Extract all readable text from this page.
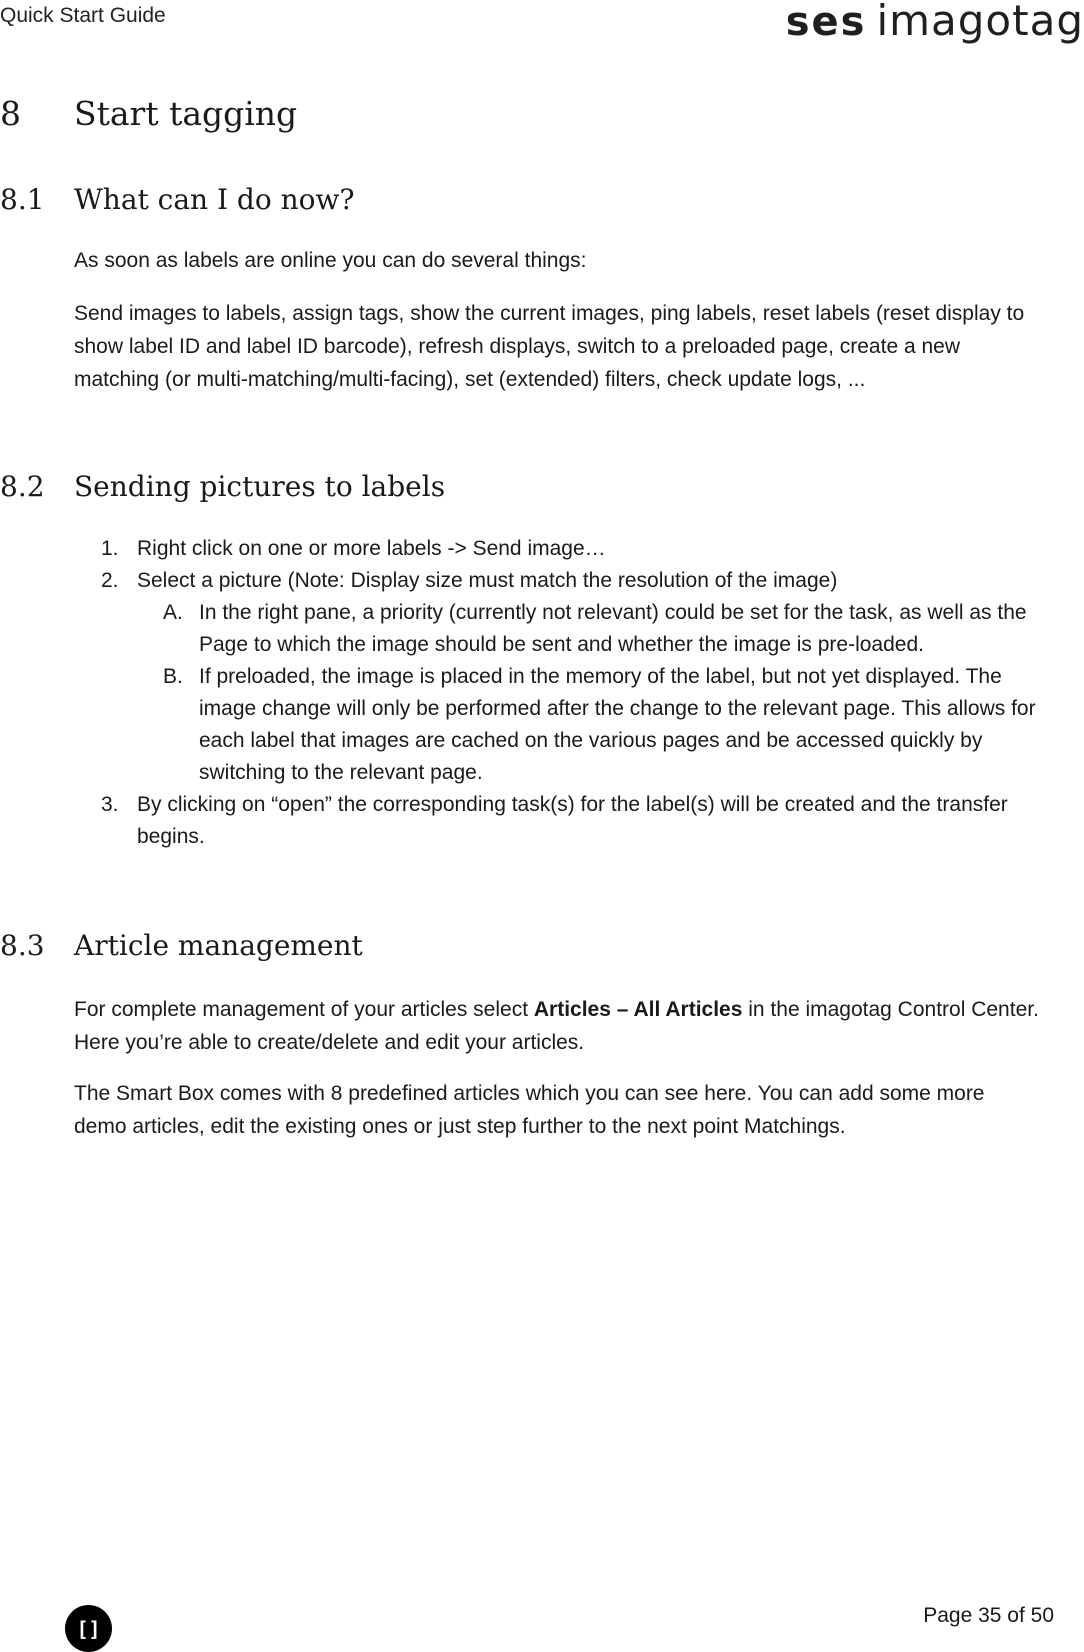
Quick Start Guide	ses imagotag
8 Start tagging
8.1 What can I do now?

As soon as labels are online you can do several things:

Send images to labels, assign tags, show the current images, ping labels, reset labels (reset display to show label ID and label ID barcode), refresh displays, switch to a preloaded page, create a new matching (or multi-matching/multi-facing), set (extended) filters, check update logs, ...

8.2 Sending pictures to labels
1. Right click on one or more labels -> Send image…
2. Select a picture (Note: Display size must match the resolution of the image)
A. In the right pane, a priority (currently not relevant) could be set for the task, as well as the Page to which the image should be sent and whether the image is pre-loaded.
B. If preloaded, the image is placed in the memory of the label, but not yet displayed. The image change will only be performed after the change to the relevant page. This allows for each label that images are cached on the various pages and be accessed quickly by switching to the relevant page.
3. By clicking on “open” the corresponding task(s) for the label(s) will be created and the transfer begins.
8.3 Article management

For complete management of your articles select Articles – All Articles in the imagotag Control Center. Here you’re able to create/delete and edit your articles.

The Smart Box comes with 8 predefined articles which you can see here. You can add some more demo articles, edit the existing ones or just step further to the next point Matchings.

[]
Page 35 of 50
